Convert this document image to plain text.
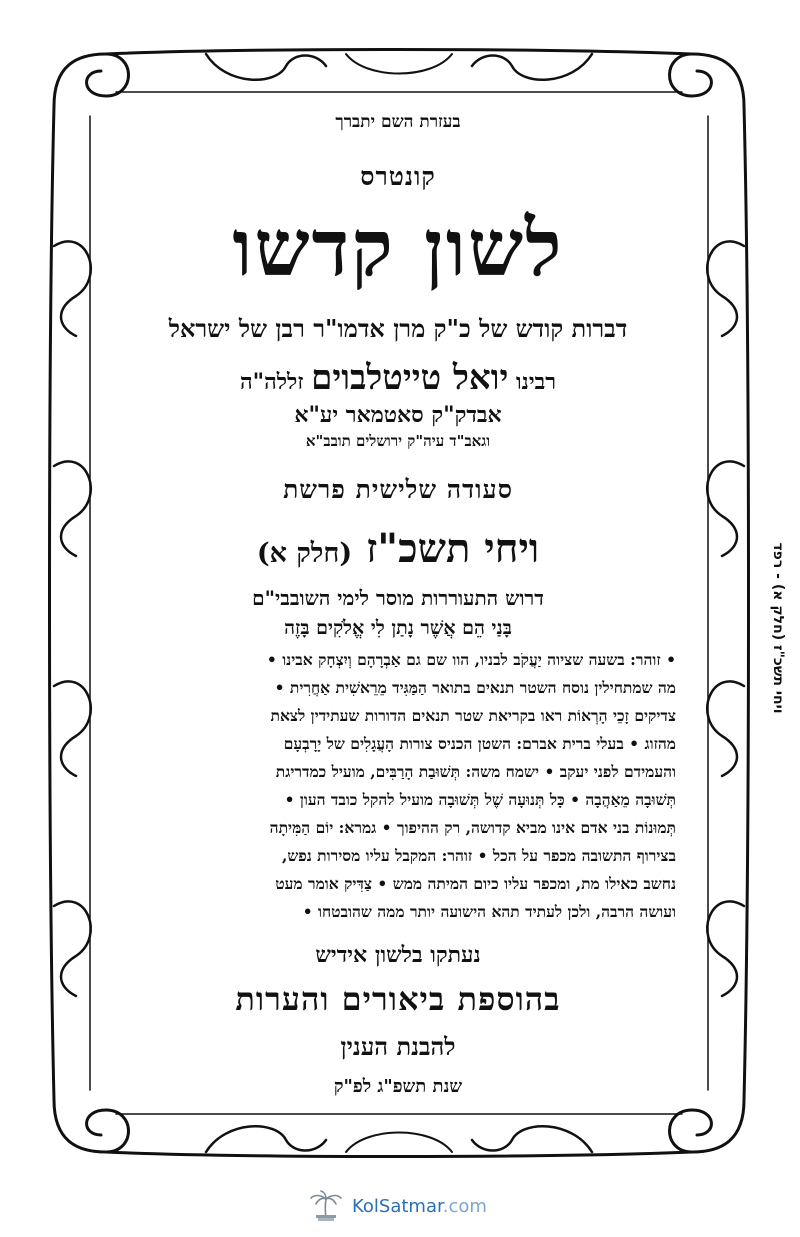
בעזרת השם יתברך
קונטרס
לשון קדשו
דברות קודש של כ"ק מרן אדמו"ר רבן של ישראל
רבינו יואל טייטלבוים זללה"ה
אבדק"ק סאטמאר יע"א
וגאב"ד עיה"ק ירושלים תובב"א
סעודה שלישית פרשת
ויחי תשכ"ז (חלק א)
דרוש התעוררות מוסר לימי השובבי"ם
בָּנַי הֵם אֲשֶׁר נָתַן לִי אֱלֹקִים בָּזֶה
• זוהר: בשעה שציוה יַעֲקֹב לבניו, הוו שם גם אַבְרָהָם וְיִצְחָק אבינו •
מה שמתחילין נוסח השטר תנאים בתואר הַמַּגִּיד מֵרֵאשִׁית אַחֲרִית •
צדיקים זָכֵי הָרְאוֹת ראו בקריאת שטר תנאים הדורות שעתידין לצאת
מהזוג • בעלי ברית אברם: השטן הכניס צורות הָעֲגָלִים של יָרָבְעָם
והעמידם לפני יעקב • ישמח משה: תְּשׁוּבַת הָרַבִּים, מועיל כמדריגת
תְּשׁוּבָה מֵאַהֲבָה • כָּל תְּנוּעָה שֶׁל תְּשׁוּבָה מועיל להקל כובד העון •
תְּמוּנוֹת בני אדם אינו מביא קדושה, רק ההיפוך • גמרא: יוֹם הַמִּיתָה
בצירוף התשובה מכפר על הכל • זוהר: המקבל עליו מסירות נפש,
נחשב כאילו מת, ומכפר עליו כיום המיתה ממש • צַדִּיק אומר מעט
ועושה הרבה, ולכן לעתיד תהא הישועה יותר ממה שהובטחו •
נעתקו בלשון אידיש
בהוספת ביאורים והערות
להבנת הענין
שנת תשפ"ג לפ"ק
ויחי תשכ"ז (חלק א) - רפד
KolSatmar.com
